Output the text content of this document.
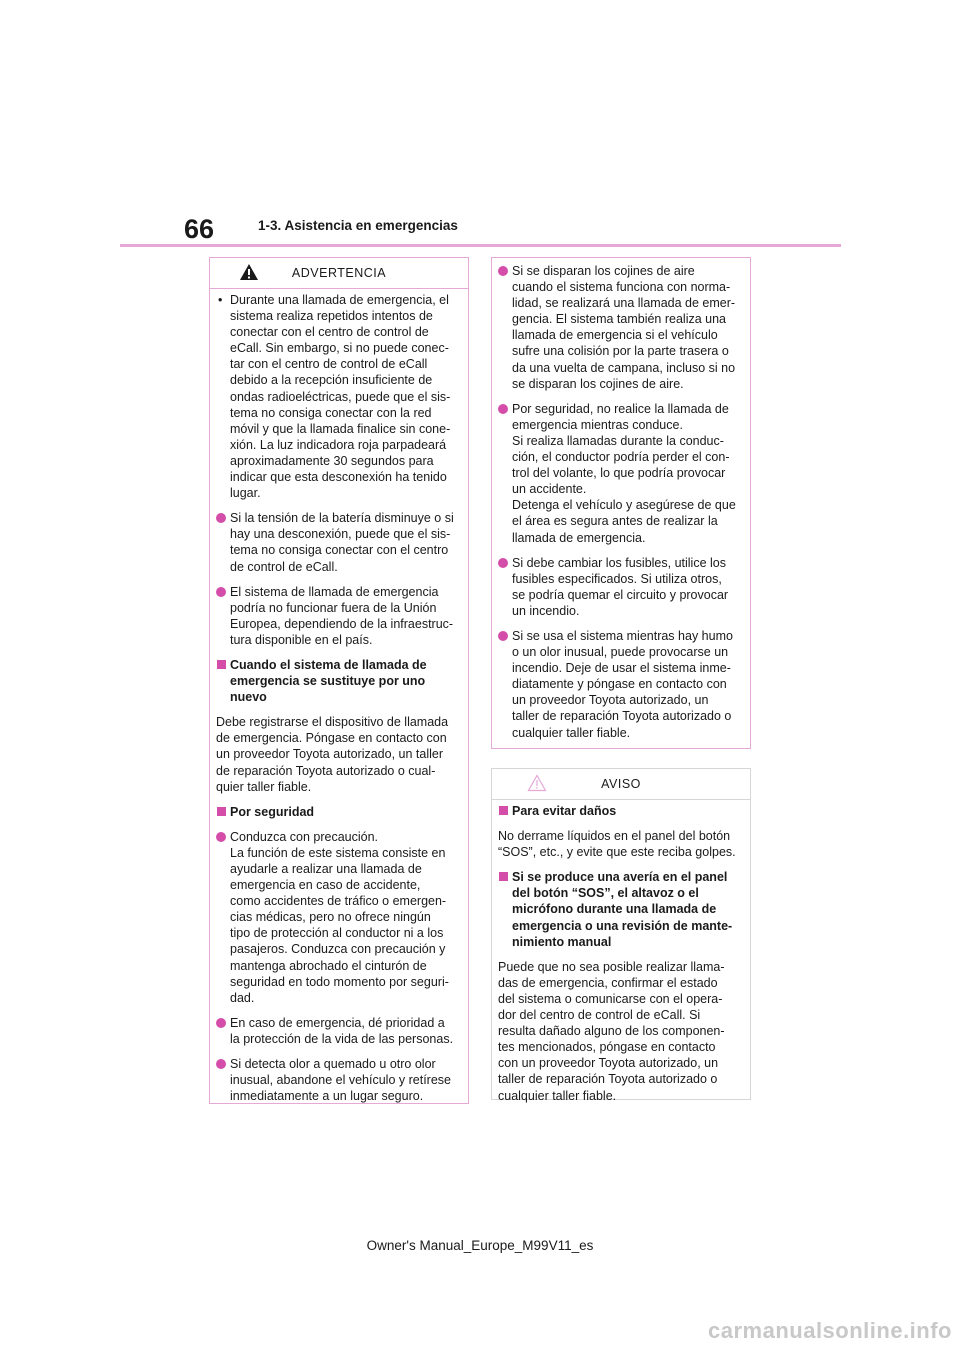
66	1-3. Asistencia en emergencias
ADVERTENCIA
• Durante una llamada de emergencia, el
sistema realiza repetidos intentos de
conectar con el centro de control de
eCall. Sin embargo, si no puede conec-
tar con el centro de control de eCall
debido a la recepción insuficiente de
ondas radioeléctricas, puede que el sis-
tema no consiga conectar con la red
móvil y que la llamada finalice sin cone-
xión. La luz indicadora roja parpadeará
aproximadamente 30 segundos para
indicar que esta desconexión ha tenido
lugar.
Si la tensión de la batería disminuye o si
hay una desconexión, puede que el sis-
tema no consiga conectar con el centro
de control de eCall.
El sistema de llamada de emergencia
podría no funcionar fuera de la Unión
Europea, dependiendo de la infraestruc-
tura disponible en el país.
Cuando el sistema de llamada de
emergencia se sustituye por uno
nuevo
Debe registrarse el dispositivo de llamada
de emergencia. Póngase en contacto con
un proveedor Toyota autorizado, un taller
de reparación Toyota autorizado o cual-
quier taller fiable.
Por seguridad
Conduzca con precaución.
La función de este sistema consiste en
ayudarle a realizar una llamada de
emergencia en caso de accidente,
como accidentes de tráfico o emergen-
cias médicas, pero no ofrece ningún
tipo de protección al conductor ni a los
pasajeros. Conduzca con precaución y
mantenga abrochado el cinturón de
seguridad en todo momento por seguri-
dad.
En caso de emergencia, dé prioridad a
la protección de la vida de las personas.
Si detecta olor a quemado u otro olor
inusual, abandone el vehículo y retírese
inmediatamente a un lugar seguro.
Si se disparan los cojines de aire
cuando el sistema funciona con norma-
lidad, se realizará una llamada de emer-
gencia. El sistema también realiza una
llamada de emergencia si el vehículo
sufre una colisión por la parte trasera o
da una vuelta de campana, incluso si no
se disparan los cojines de aire.
Por seguridad, no realice la llamada de
emergencia mientras conduce.
Si realiza llamadas durante la conduc-
ción, el conductor podría perder el con-
trol del volante, lo que podría provocar
un accidente.
Detenga el vehículo y asegúrese de que
el área es segura antes de realizar la
llamada de emergencia.
Si debe cambiar los fusibles, utilice los
fusibles especificados. Si utiliza otros,
se podría quemar el circuito y provocar
un incendio.
Si se usa el sistema mientras hay humo
o un olor inusual, puede provocarse un
incendio. Deje de usar el sistema inme-
diatamente y póngase en contacto con
un proveedor Toyota autorizado, un
taller de reparación Toyota autorizado o
cualquier taller fiable.
AVISO
Para evitar daños
No derrame líquidos en el panel del botón
“SOS”, etc., y evite que este reciba golpes.
Si se produce una avería en el panel
del botón “SOS”, el altavoz o el
micrófono durante una llamada de
emergencia o una revisión de mante-
nimiento manual
Puede que no sea posible realizar llama-
das de emergencia, confirmar el estado
del sistema o comunicarse con el opera-
dor del centro de control de eCall. Si
resulta dañado alguno de los componen-
tes mencionados, póngase en contacto
con un proveedor Toyota autorizado, un
taller de reparación Toyota autorizado o
cualquier taller fiable.
Owner's Manual_Europe_M99V11_es
carmanualsonline.info
